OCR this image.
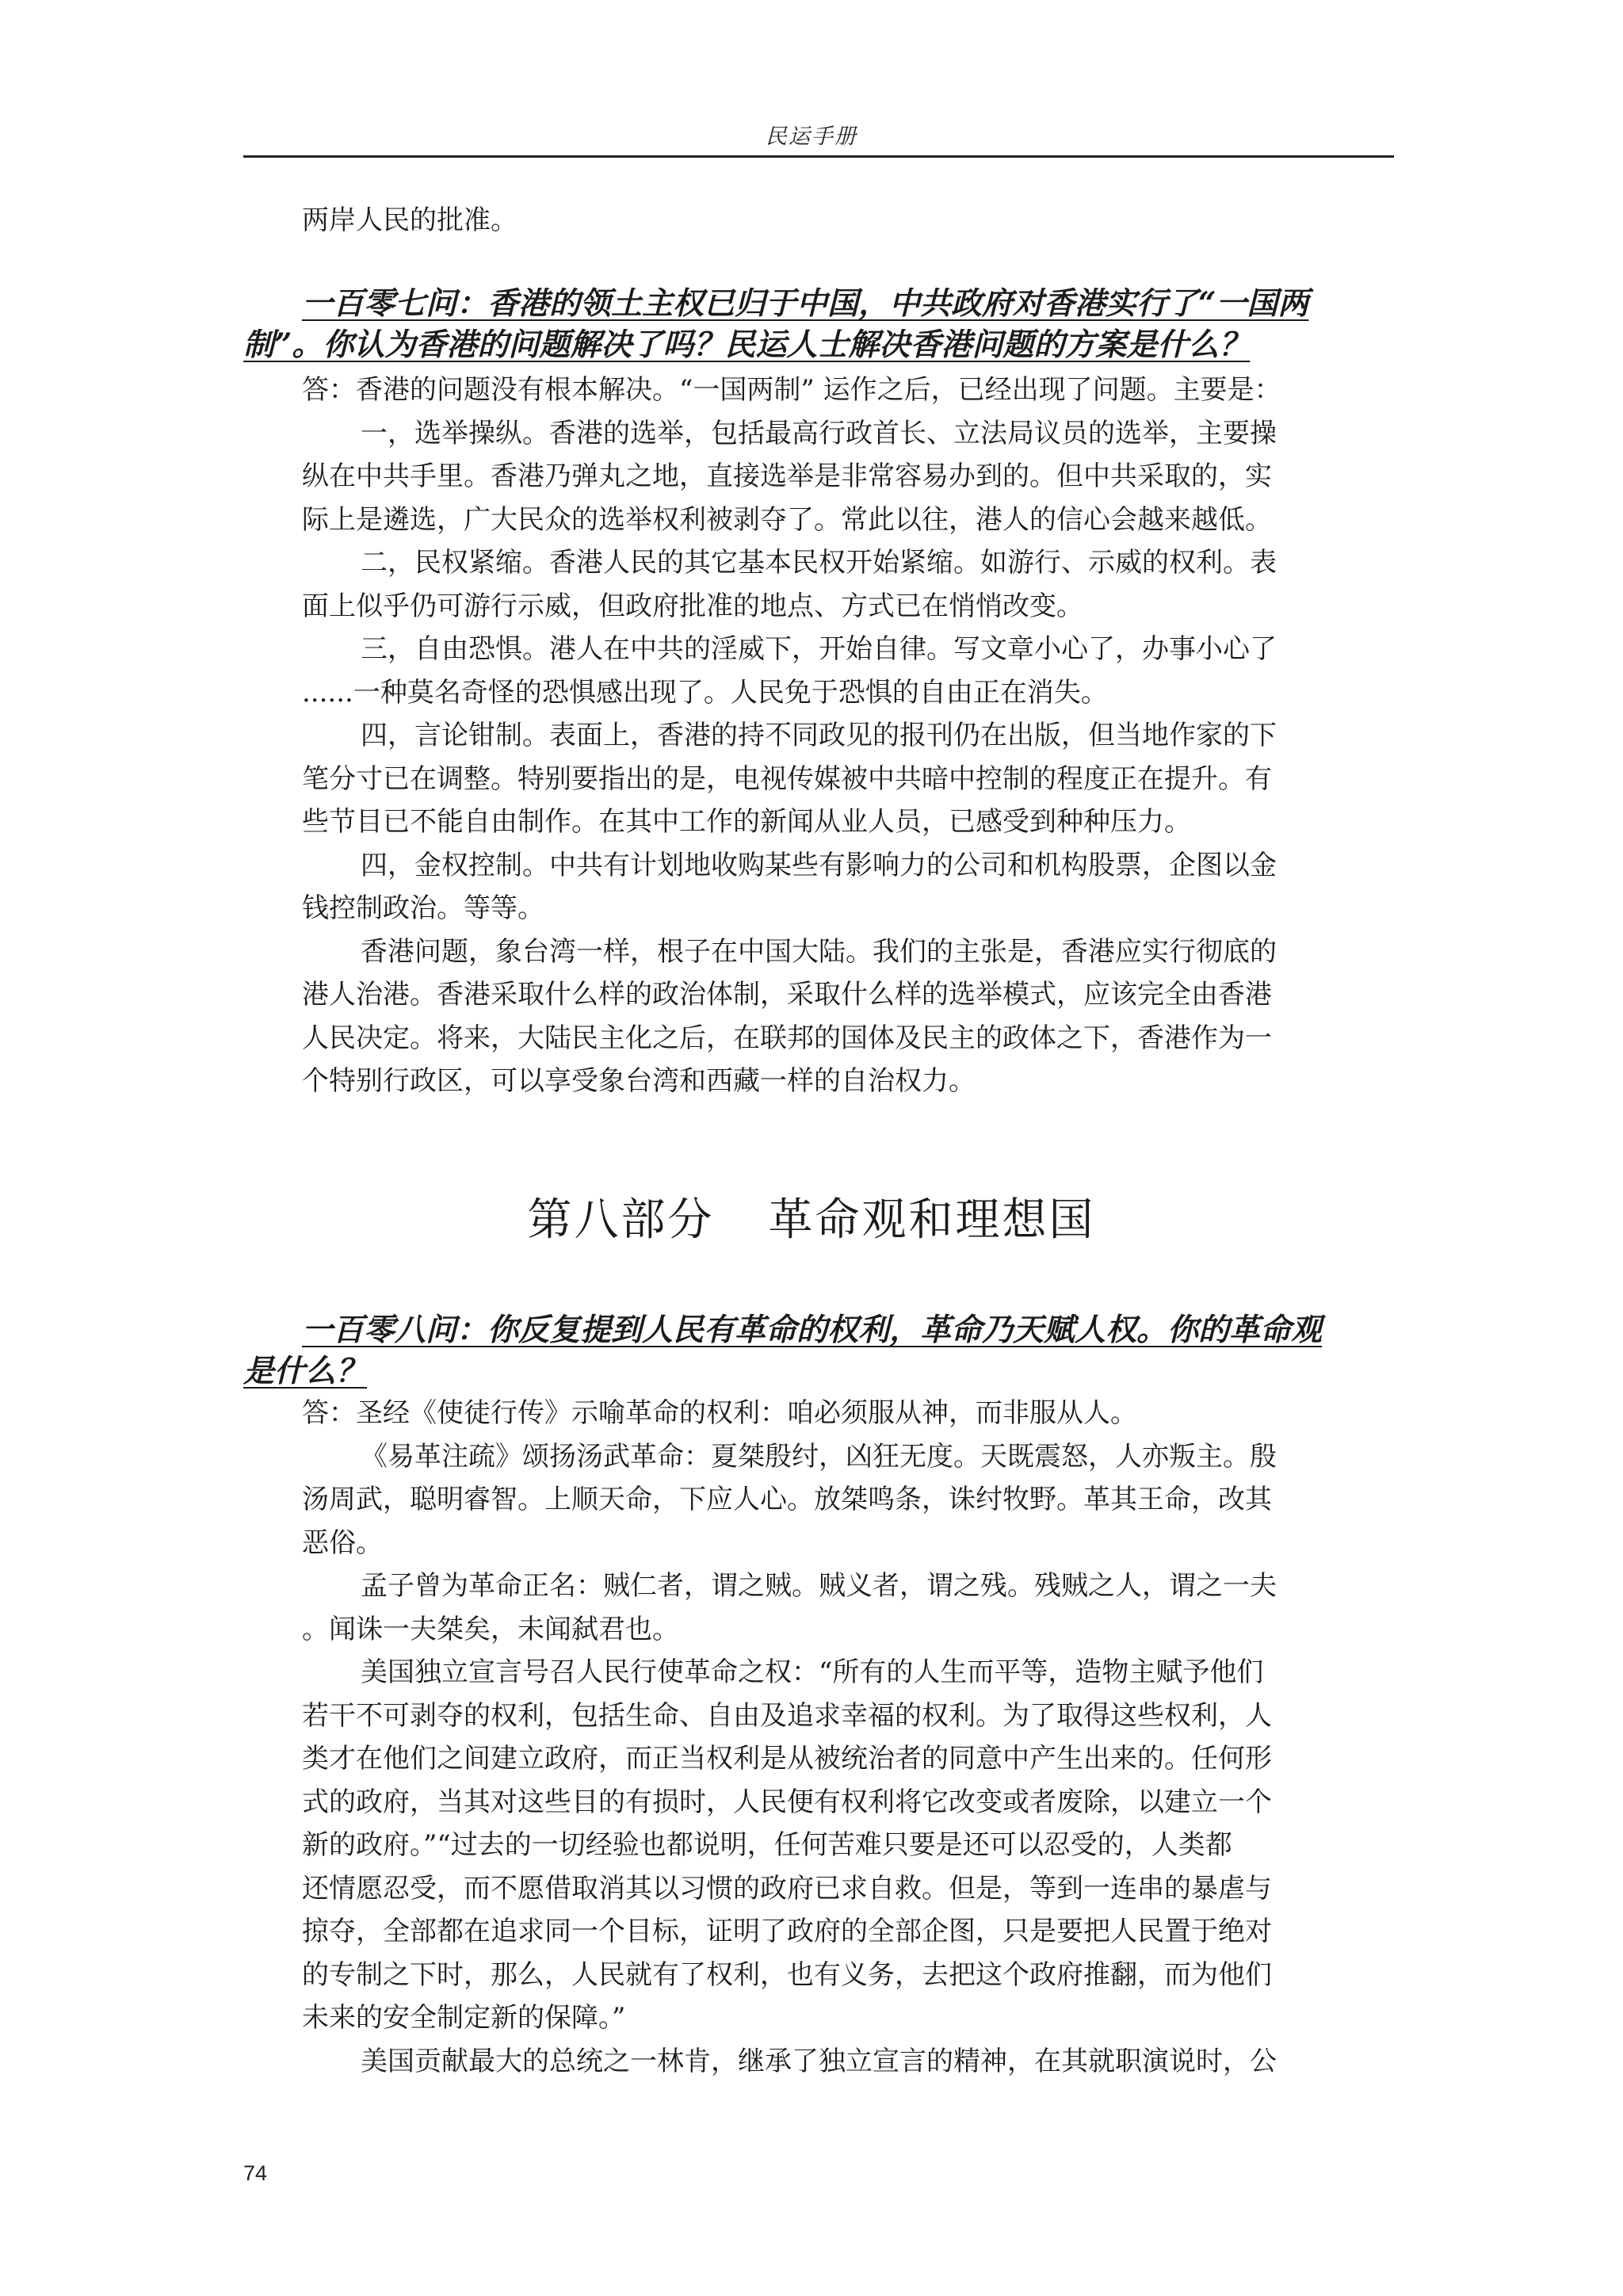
民运手册

两岸人民的批准。

一百零七问：香港的领土主权已归于中国，中共政府对香港实行了“一国两

制”。你认为香港的问题解决了吗？民运人士解决香港问题的方案是什么？

答：香港的问题没有根本解决。“一国两制” 运作之后，已经出现了问题。主要是：

一，选举操纵。香港的选举，包括最高行政首长、立法局议员的选举，主要操

纵在中共手里。香港乃弹丸之地，直接选举是非常容易办到的。但中共采取的，实

际上是遴选，广大民众的选举权利被剥夺了。常此以往，港人的信心会越来越低。

二，民权紧缩。香港人民的其它基本民权开始紧缩。如游行、示威的权利。表

面上似乎仍可游行示威，但政府批准的地点、方式已在悄悄改变。

三，自由恐惧。港人在中共的淫威下，开始自律。写文章小心了，办事小心了

......一种莫名奇怪的恐惧感出现了。人民免于恐惧的自由正在消失。

四，言论钳制。表面上，香港的持不同政见的报刊仍在出版，但当地作家的下

笔分寸已在调整。特别要指出的是，电视传媒被中共暗中控制的程度正在提升。有

些节目已不能自由制作。在其中工作的新闻从业人员，已感受到种种压力。

四，金权控制。中共有计划地收购某些有影响力的公司和机构股票，企图以金

钱控制政治。等等。

香港问题，象台湾一样，根子在中国大陆。我们的主张是，香港应实行彻底的

港人治港。香港采取什么样的政治体制，采取什么样的选举模式，应该完全由香港

人民决定。将来，大陆民主化之后，在联邦的国体及民主的政体之下，香港作为一

个特别行政区，可以享受象台湾和西藏一样的自治权力。

第八部分 革命观和理想国

一百零八问：你反复提到人民有革命的权利，革命乃天赋人权。你的革命观

是什么？

答：圣经《使徒行传》示喻革命的权利：咱必须服从神，而非服从人。

《易革注疏》颂扬汤武革命：夏桀殷纣，凶狂无度。天既震怒，人亦叛主。殷

汤周武，聪明睿智。上顺天命，下应人心。放桀鸣条，诛纣牧野。革其王命，改其

恶俗。

孟子曾为革命正名：贼仁者，谓之贼。贼义者，谓之残。残贼之人，谓之一夫

。闻诛一夫桀矣，未闻弑君也。

美国独立宣言号召人民行使革命之权：“所有的人生而平等，造物主赋予他们

若干不可剥夺的权利，包括生命、自由及追求幸福的权利。为了取得这些权利，人

类才在他们之间建立政府，而正当权利是从被统治者的同意中产生出来的。任何形

式的政府，当其对这些目的有损时，人民便有权利将它改变或者废除，以建立一个

新的政府。”“过去的一切经验也都说明，任何苦难只要是还可以忍受的，人类都

还情愿忍受，而不愿借取消其以习惯的政府已求自救。但是，等到一连串的暴虐与

掠夺，全部都在追求同一个目标，证明了政府的全部企图，只是要把人民置于绝对

的专制之下时，那么，人民就有了权利，也有义务，去把这个政府推翻，而为他们

未来的安全制定新的保障。”

美国贡献最大的总统之一林肯，继承了独立宣言的精神，在其就职演说时，公

74
